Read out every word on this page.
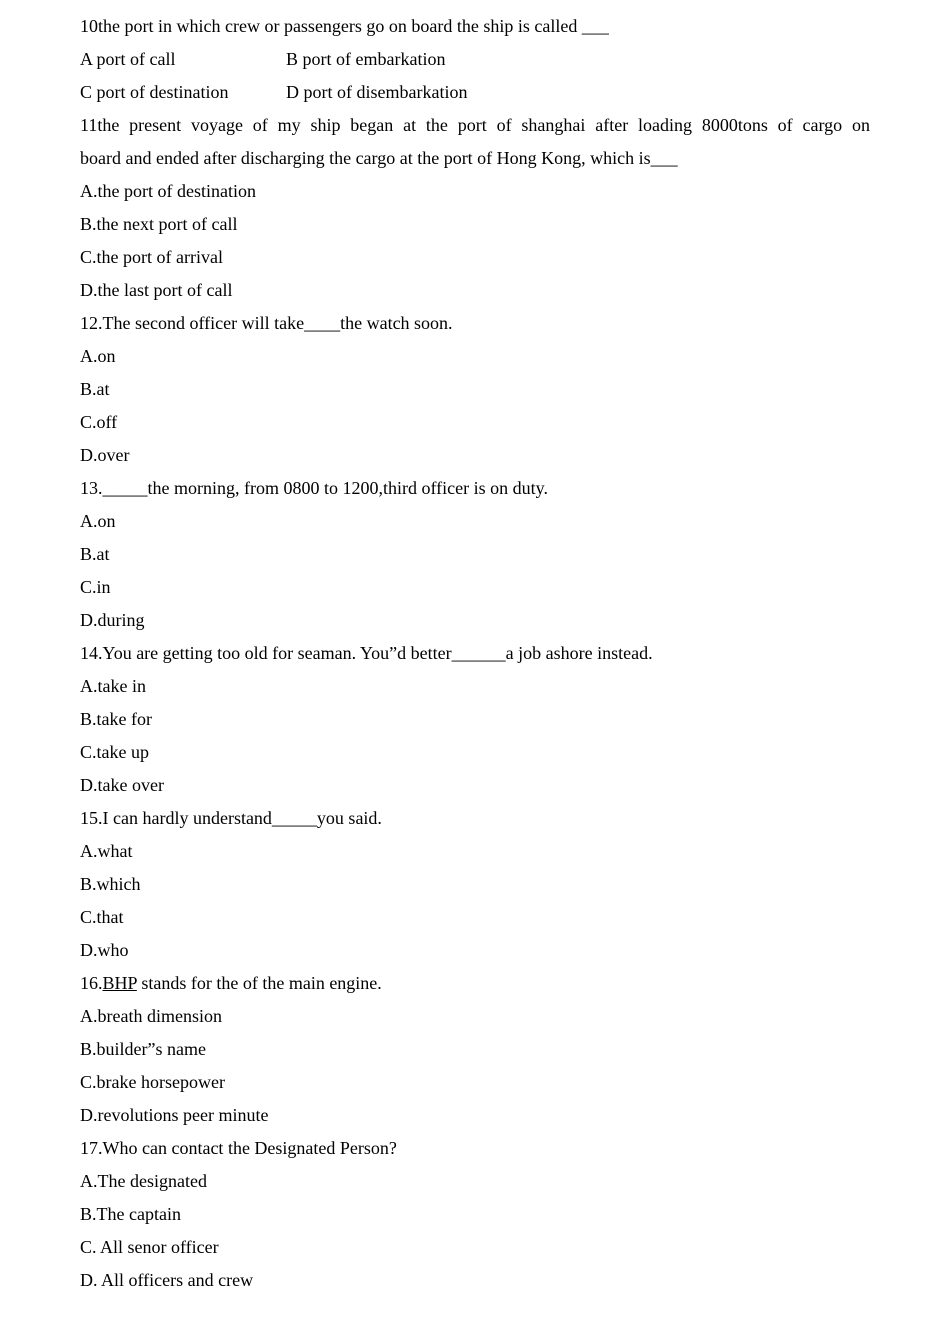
10the port in which crew or passengers go on board the ship is called ___
A port of call	B port of embarkation
C port of destination	D port of disembarkation
11the present voyage of my ship began at the port of shanghai after loading 8000tons of cargo on
board and ended after discharging the cargo at the port of Hong Kong, which is___
A.the port of destination
B.the next port of call
C.the port of arrival
D.the last port of call
12.The second officer will take____the watch soon.
A.on
B.at
C.off
D.over
13._____the morning, from 0800 to 1200,third officer is on duty.
A.on
B.at
C.in
D.during
14.You are getting too old for seaman. You”d better______a job ashore instead.
A.take in
B.take for
C.take up
D.take over
15.I can hardly understand_____you said.
A.what
B.which
C.that
D.who
16.BHP stands for the of the main engine.
A.breath dimension
B.builder”s name
C.brake horsepower
D.revolutions peer minute
17.Who can contact the Designated Person?
A.The designated
B.The captain
C. All senor officer
D. All officers and crew
